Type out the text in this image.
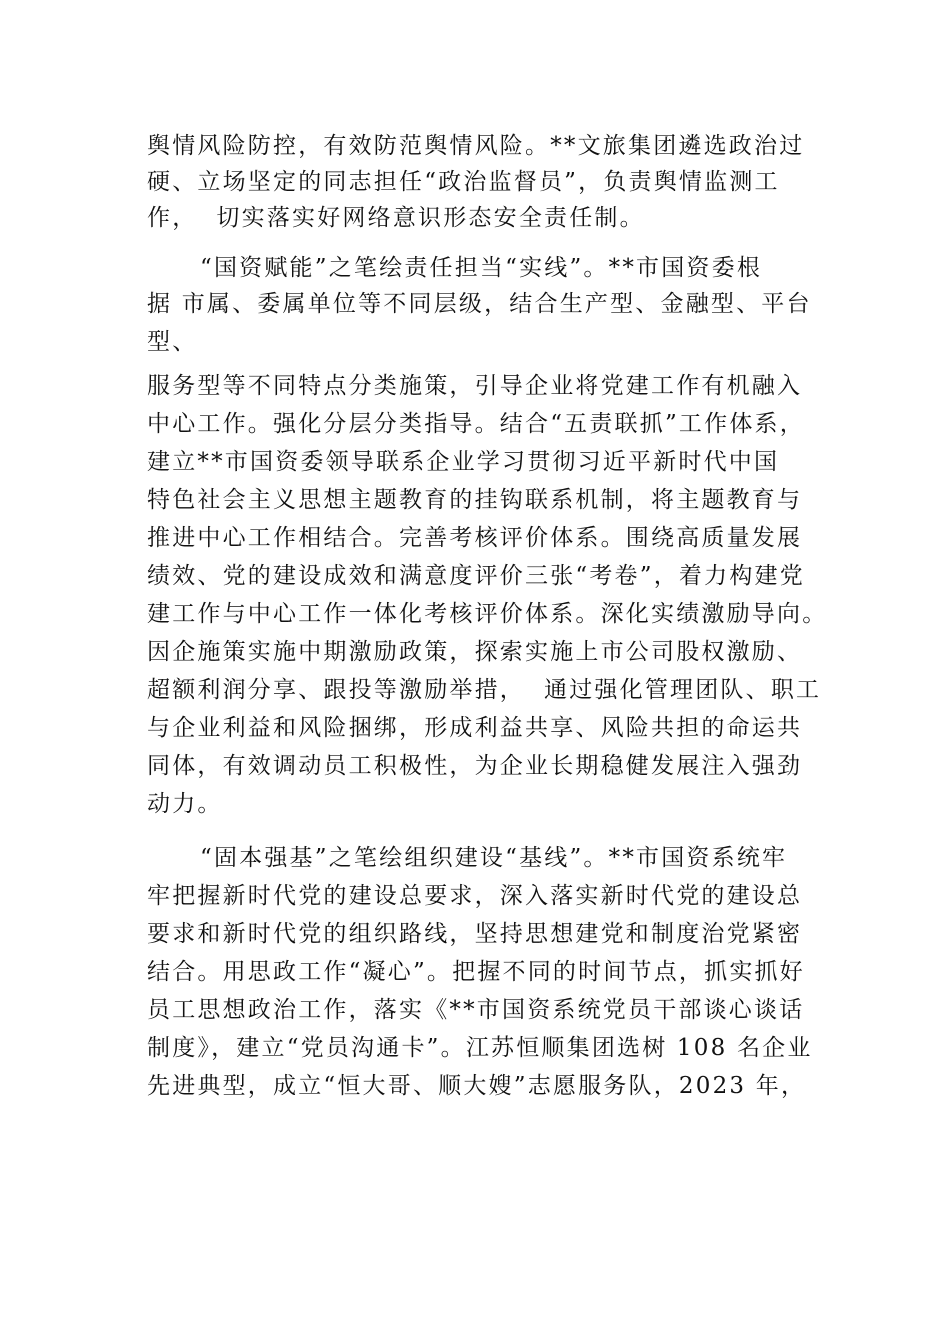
舆情风险防控，有效防范舆情风险。**文旅集团遴选政治过
硬、立场坚定的同志担任“政治监督员”，负责舆情监测工
作，  切实落实好网络意识形态安全责任制。
“国资赋能”之笔绘责任担当“实线”。**市国资委根
据 市属、委属单位等不同层级，结合生产型、金融型、平台
型、
服务型等不同特点分类施策，引导企业将党建工作有机融入
中心工作。强化分层分类指导。结合“五责联抓”工作体系，
建立**市国资委领导联系企业学习贯彻习近平新时代中国
特色社会主义思想主题教育的挂钩联系机制，将主题教育与
推进中心工作相结合。完善考核评价体系。围绕高质量发展
绩效、党的建设成效和满意度评价三张“考卷”，着力构建党
建工作与中心工作一体化考核评价体系。深化实绩激励导向。
因企施策实施中期激励政策，探索实施上市公司股权激励、
超额利润分享、跟投等激励举措，  通过强化管理团队、职工
与企业利益和风险捆绑，形成利益共享、风险共担的命运共
同体，有效调动员工积极性，为企业长期稳健发展注入强劲
动力。
“固本强基”之笔绘组织建设“基线”。**市国资系统牢
牢把握新时代党的建设总要求，深入落实新时代党的建设总
要求和新时代党的组织路线，坚持思想建党和制度治党紧密
结合。用思政工作“凝心”。把握不同的时间节点，抓实抓好
员工思想政治工作，落实《**市国资系统党员干部谈心谈话
制度》，建立“党员沟通卡”。江苏恒顺集团选树 108 名企业
先进典型，成立“恒大哥、顺大嫂”志愿服务队，2023 年，
